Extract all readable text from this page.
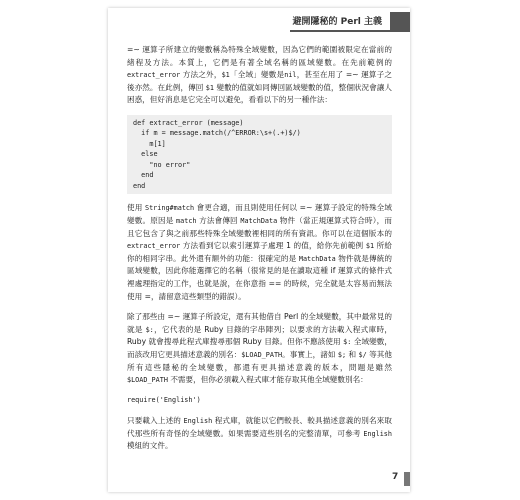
避開隱秘的 Perl 主義

=~ 運算子所建立的變數稱為特殊全域變數，因為它們的範圍被限定在當前的緒程及方法。本質上，它們是有著全域名稱的區域變數。在先前範例的extract_error 方法之外，$1「全域」變數是nil，甚至在用了 =~ 運算子之後亦然。在此例，傳回 $1 變數的值就如同傳回區域變數的值，整個狀況會讓人困惑，但好消息是它完全可以避免，看看以下的另一種作法：

def extract_error (message)
if m = message.match(/^ERROR:\s+(.+)$/)
m[1]
else
"no error"
end
end

使用 String#match 會更合適，而且則使用任何以 =~ 運算子設定的特殊全域變數。原因是 match 方法會傳回 MatchData 物件（當正規運算式符合時），而且它包含了與之前那些特殊全域變數裡相同的所有資訊。你可以在這個版本的 extract_error 方法看到它以索引運算子處理 1 的值，給你先前範例 $1 所給你的相同字串。此外還有額外的功能：很確定的是 MatchData 物件就是傳統的區域變數，因此你能選擇它的名稱（很常見的是在讀取這種 if 運算式的條件式裡處理指定的工作，也就是說，在你意指 == 的時候，完全就是太容易而無法使用 =，請留意這些類型的錯誤）。

除了那些由 =~ 運算子所設定，還有其他借自 Perl 的全域變數，其中最常見的就是 $:，它代表的是 Ruby 目錄的字串陣列；以要求的方法載入程式庫時，Ruby 就會搜尋此程式庫搜尋那個 Ruby 目錄。但你不應該使用 $: 全域變數，而該改用它更具描述意義的別名：$LOAD_PATH。事實上，諸如 $; 和 $/ 等其他所有這些隱秘的全域變數，都還有更具描述意義的版本，問題是雖然 $LOAD_PATH 不需要，但你必須載入程式庫才能存取其他全域變數別名：

require('English')

只要載入上述的 English 程式庫，就能以它們較長、較具描述意義的別名來取代那些所有奇怪的全域變數。如果需要這些別名的完整清單，可參考 English 模組的文件。

7
